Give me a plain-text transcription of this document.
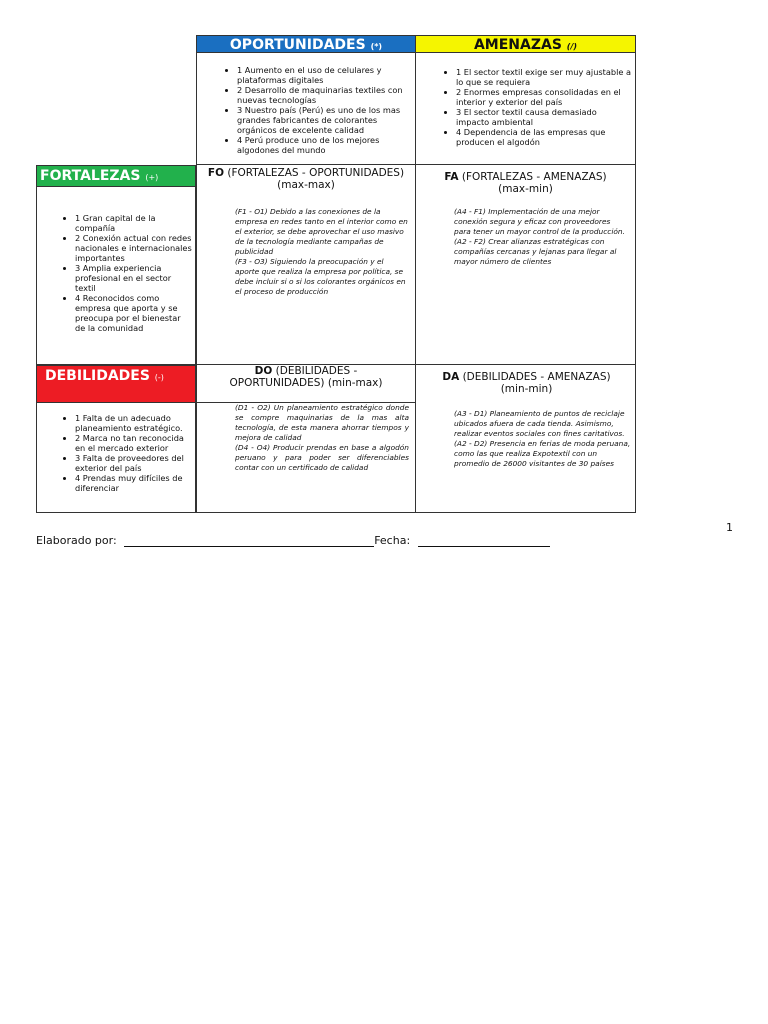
OPORTUNIDADES (*)	AMENAZAS (/)
• 1 Aumento en el uso de celulares y plataformas digitales
• 2 Desarrollo de maquinarias textiles con nuevas tecnologías
• 3 Nuestro país (Perú) es uno de los mas grandes fabricantes de colorantes orgánicos de excelente calidad
• 4 Perú produce uno de los mejores algodones del mundo
• 1 El sector textil exige ser muy ajustable a lo que se requiera
• 2 Enormes empresas consolidadas en el interior y exterior del país
• 3 El sector textil causa demasiado impacto ambiental
• 4 Dependencia de las empresas que producen el algodón
FORTALEZAS (+)
• 1 Gran capital de la compañía
• 2 Conexión actual con redes nacionales e internacionales importantes
• 3 Amplia experiencia profesional en el sector textil
• 4 Reconocidos como empresa que aporta y se preocupa por el bienestar de la comunidad
FO (FORTALEZAS - OPORTUNIDADES) (max-max)
(F1 - O1) Debido a las conexiones de la empresa en redes tanto en el interior como en el exterior, se debe aprovechar el uso masivo de la tecnología mediante campañas de publicidad
(F3 - O3) Siguiendo la preocupación y el aporte que realiza la empresa por política, se debe incluir si o si los colorantes orgánicos en el proceso de producción
FA (FORTALEZAS - AMENAZAS) (max-min)
(A4 - F1) Implementación de una mejor conexión segura y eficaz con proveedores para tener un mayor control de la producción.
(A2 - F2) Crear alianzas estratégicas con compañías cercanas y lejanas para llegar al mayor número de clientes
DEBILIDADES (-)
• 1 Falta de un adecuado planeamiento estratégico.
• 2 Marca no tan reconocida en el mercado exterior
• 3 Falta de proveedores del exterior del país
• 4 Prendas muy difíciles de diferenciar
DO (DEBILIDADES - OPORTUNIDADES) (min-max)
(D1 - O2) Un planeamiento estratégico donde se compre maquinarias de la mas alta tecnología, de esta manera ahorrar tiempos y mejora de calidad
(D4 - O4) Producir prendas en base a algodón peruano y para poder ser diferenciables contar con un certificado de calidad
DA (DEBILIDADES - AMENAZAS) (min-min)
(A3 - D1) Planeamiento de puntos de reciclaje ubicados afuera de cada tienda. Asimismo, realizar eventos sociales con fines caritativos.
(A2 - D2) Presencia en ferias de moda peruana, como las que realiza Expotextil con un promedio de 26000 visitantes de 30 países
1
Elaborado por:	Fecha:
